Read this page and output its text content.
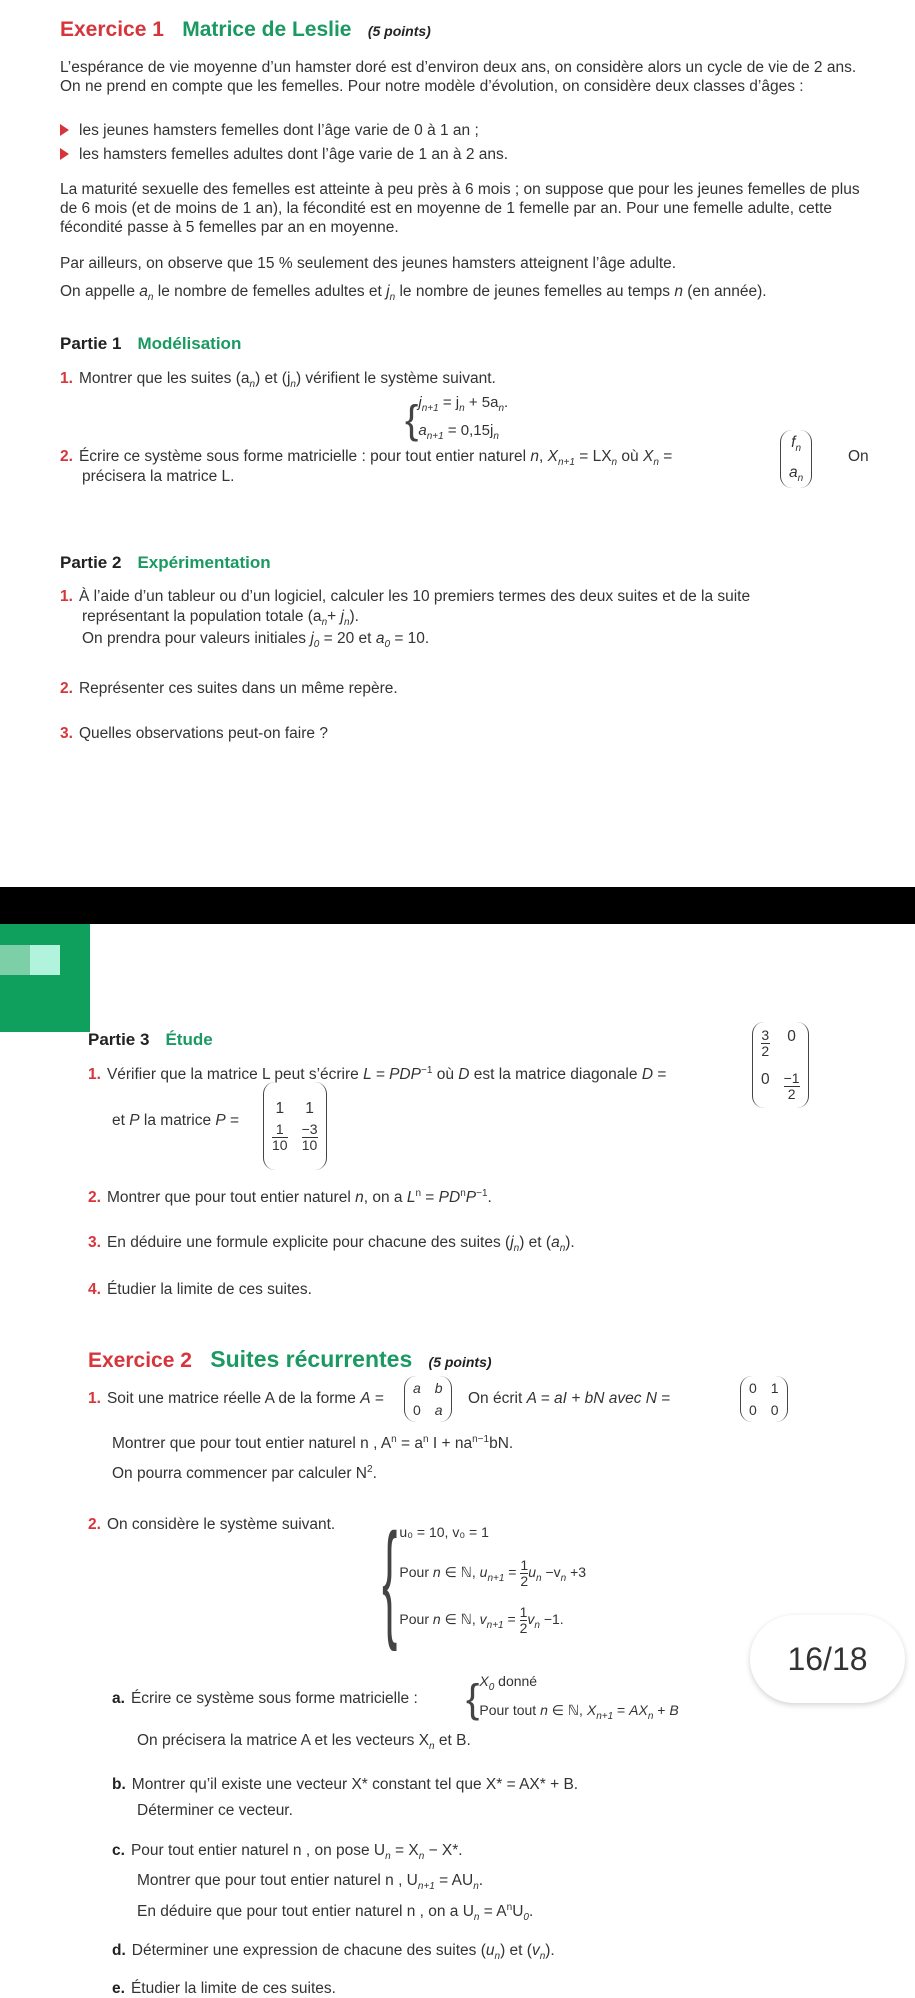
Exercice 1 Matrice de Leslie (5 points)
L’espérance de vie moyenne d’un hamster doré est d’environ deux ans, on considère alors un cycle de vie de 2 ans. On ne prend en compte que les femelles. Pour notre modèle d’évolution, on considère deux classes d’âges :
les jeunes hamsters femelles dont l’âge varie de 0 à 1 an ;
les hamsters femelles adultes dont l’âge varie de 1 an à 2 ans.
La maturité sexuelle des femelles est atteinte à peu près à 6 mois ; on suppose que pour les jeunes femelles de plus de 6 mois (et de moins de 1 an), la fécondité est en moyenne de 1 femelle par an. Pour une femelle adulte, cette fécondité passe à 5 femelles par an en moyenne.
Par ailleurs, on observe que 15 % seulement des jeunes hamsters atteignent l’âge adulte.
On appelle $a_n$ le nombre de femelles adultes et $j_n$ le nombre de jeunes femelles au temps n (en année).
Partie 1 Modélisation
1. Montrer que les suites $(a_n)$ et $(j_n)$ vérifient le système suivant.
{ $j_{n+1} = j_n + 5a_n$.
$a_{n+1} = 0,15j_n$
2. Écrire ce système sous forme matricielle : pour tout entier naturel n, $X_{n+1} = LX_n$ où $X_n$ =
$f_n$
$a_n$
On
précisera la matrice L.
Partie 2 Expérimentation
1. À l’aide d’un tableur ou d’un logiciel, calculer les 10 premiers termes des deux suites et de la suite
représentant la population totale $(a_n+ j_n)$.
On prendra pour valeurs initiales $j_0 = 20$ et $a_0 = 10$.
2. Représenter ces suites dans un même repère.
3. Quelles observations peut-on faire ?
Partie 3 Étude
1. Vérifier que la matrice L peut s’écrire $L = PDP^{-1}$ où D est la matrice diagonale D =
$\frac{3}{2} 0$
$0 \frac{-1}{2}$
et P la matrice P =
1 1
$\frac{1}{10} \frac{-3}{10}$
2. Montrer que pour tout entier naturel n, on a $L^n = PD^nP^{-1}$.
3. En déduire une formule explicite pour chacune des suites $(j_n)$ et $(a_n)$.
4. Étudier la limite de ces suites.
Exercice 2 Suites récurrentes (5 points)
1. Soit une matrice réelle A de la forme A =
a b
0 a
On écrit A = aI + bN avec N =
0 1
0 0
Montrer que pour tout entier naturel n , $A^n = a^n$ $I + na^{n-1}bN$.
On pourra commencer par calculer $N^2$.
2. On considère le système suivant. { u₀ = 10, v₀ = 1
Pour n ∈ ℕ, $u_{n+1} = \frac{1}{2} u_n -v_n +3$
Pour n ∈ ℕ, $v_{n+1} = \frac{1}{2} v_n -1$.
a. Écrire ce système sous forme matricielle : { $X_0$ donné
Pour tout n ∈ ℕ, $X_{n+1} = AX_n + B$
On précisera la matrice A et les vecteurs $X_n$ et B.
b. Montrer qu’il existe une vecteur X* constant tel que X* = AX* + B.
Déterminer ce vecteur.
c. Pour tout entier naturel n , on pose $U_n = X_n - X*$.
Montrer que pour tout entier naturel n , $U_{n+1} = AU_n$.
En déduire que pour tout entier naturel n , on a $U_n = A^nU_0$.
d. Déterminer une expression de chacune des suites $(u_n)$ et $(v_n)$.
e. Étudier la limite de ces suites.
16/18
